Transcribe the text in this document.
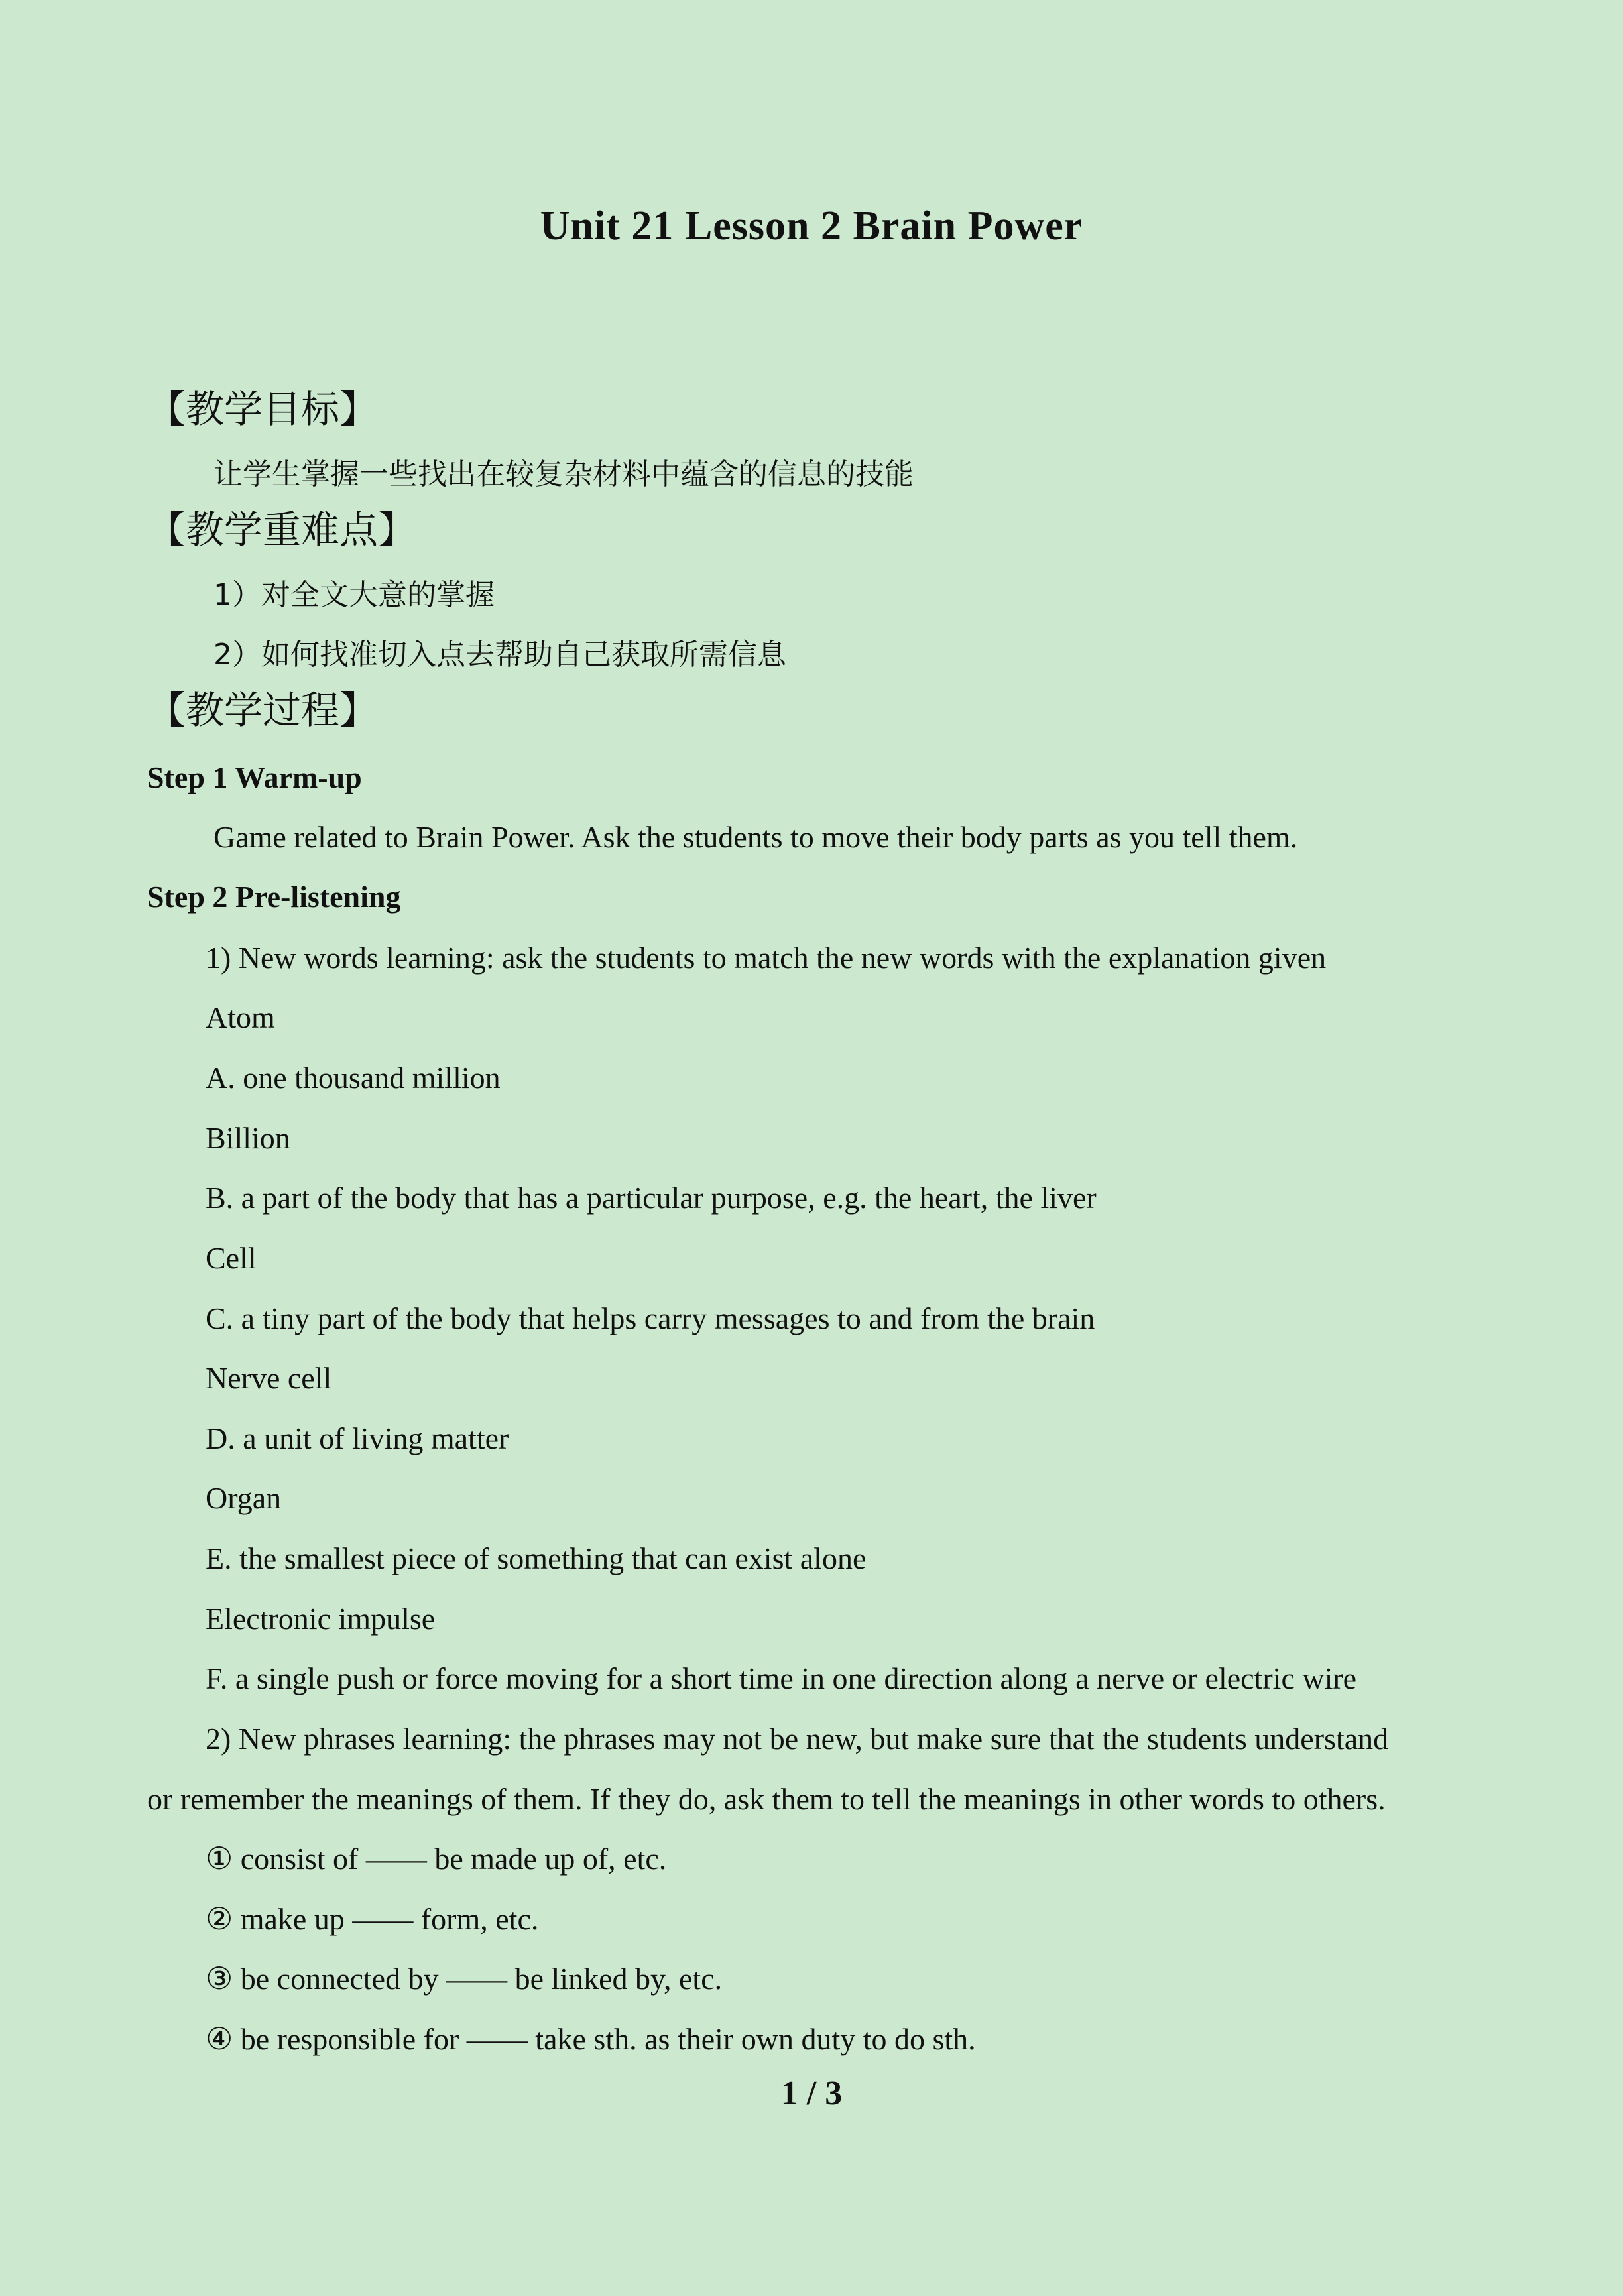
Unit 21 Lesson 2 Brain Power
【教学目标】
让学生掌握一些找出在较复杂材料中蕴含的信息的技能
【教学重难点】
1）对全文大意的掌握
2）如何找准切入点去帮助自己获取所需信息
【教学过程】
Step 1 Warm-up
Game related to Brain Power. Ask the students to move their body parts as you tell them.
Step 2 Pre-listening
1) New words learning: ask the students to match the new words with the explanation given
Atom
A. one thousand million
Billion
B. a part of the body that has a particular purpose, e.g. the heart, the liver
Cell
C. a tiny part of the body that helps carry messages to and from the brain
Nerve cell
D. a unit of living matter
Organ
E. the smallest piece of something that can exist alone
Electronic impulse
F. a single push or force moving for a short time in one direction along a nerve or electric wire
2) New phrases learning: the phrases may not be new, but make sure that the students understand
or remember the meanings of them. If they do, ask them to tell the meanings in other words to others.
① consist of —— be made up of, etc.
② make up —— form, etc.
③ be connected by —— be linked by, etc.
④ be responsible for —— take sth. as their own duty to do sth.
1 / 3
